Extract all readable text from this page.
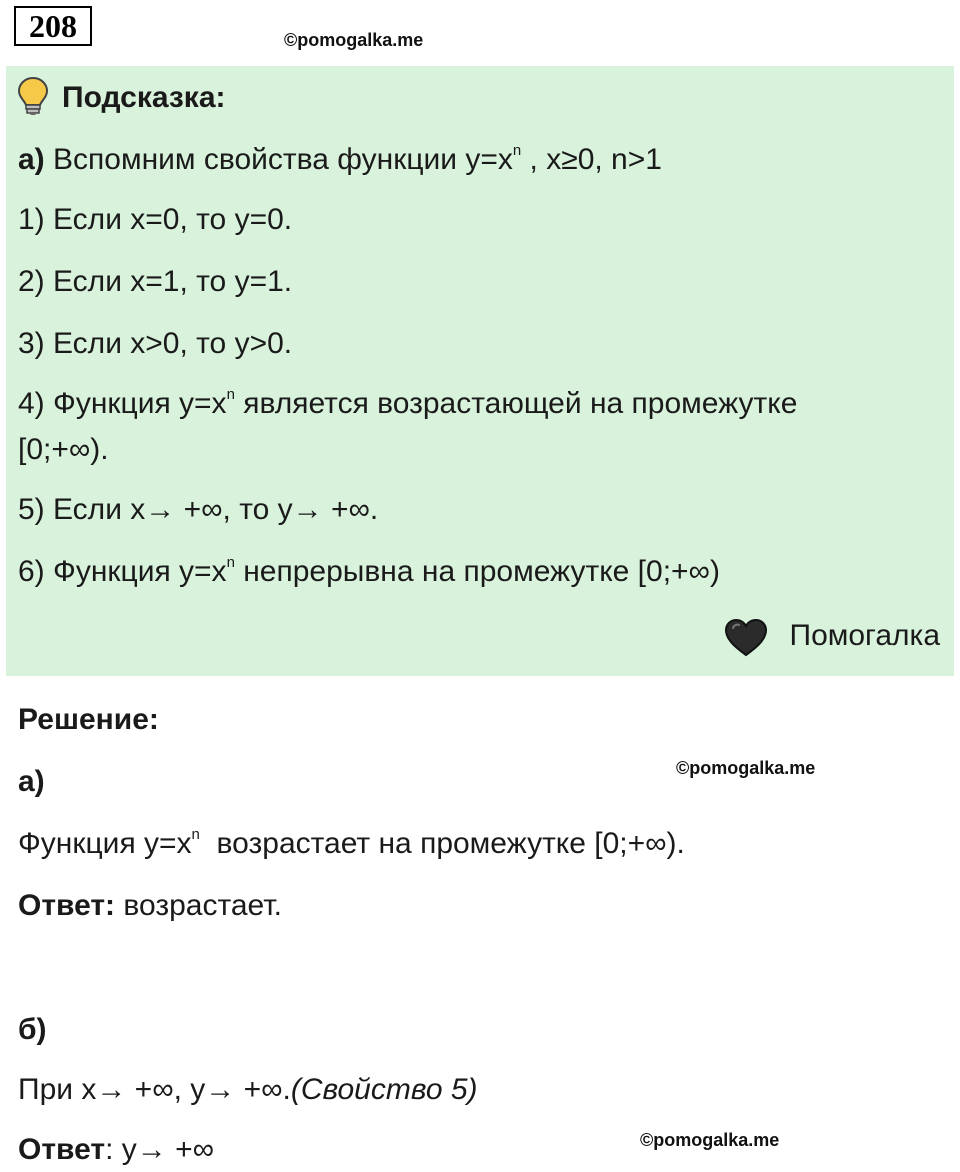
208	©pomogalka.me
Подсказка:
а) Вспомним свойства функции $y=x^n$ , x≥0, n>1
1) Если x=0, то y=0.
2) Если x=1, то y=1.
3) Если x>0, то y>0.
4) Функция $y=x^n$ является возрастающей на промежутке
[0;+∞).
5) Если x→ +∞, то y→ +∞.
6) Функция $y=x^n$ непрерывна на промежутке [0;+∞)
Помогалка
Решение:
а)	©pomogalka.me
Функция $y=x^n$  возрастает на промежутке [0;+∞).
Ответ: возрастает.
б)
При x→ +∞, y→ +∞.(Свойство 5)
Ответ: y→ +∞	©pomogalka.me
